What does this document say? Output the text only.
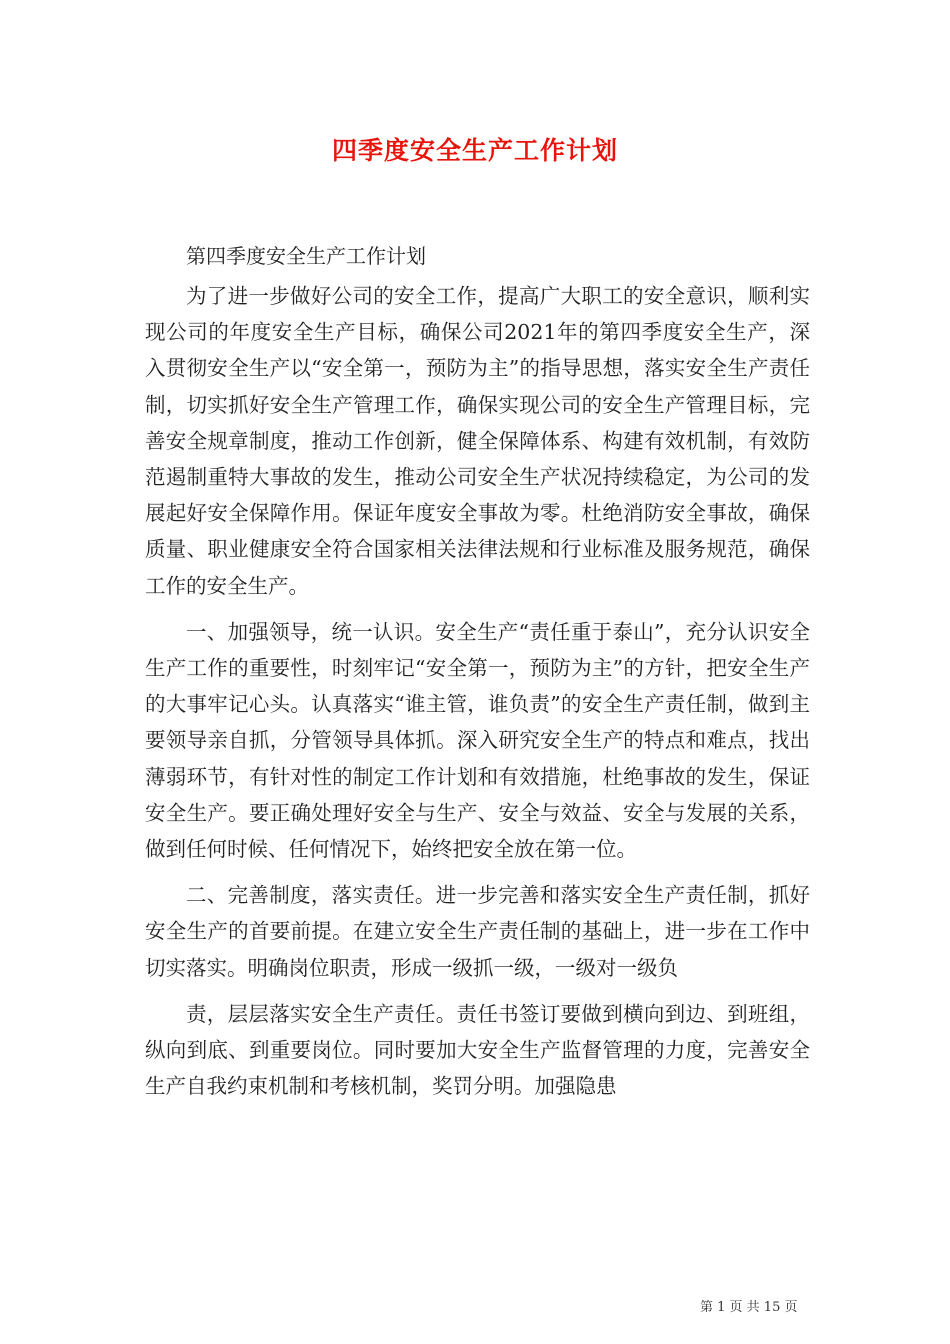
四季度安全生产工作计划
第四季度安全生产工作计划

为了进一步做好公司的安全工作，提高广大职工的安全意识，顺利实现公司的年度安全生产目标，确保公司2021年的第四季度安全生产，深入贯彻安全生产以“安全第一，预防为主”的指导思想，落实安全生产责任制，切实抓好安全生产管理工作，确保实现公司的安全生产管理目标，完善安全规章制度，推动工作创新，健全保障体系、构建有效机制，有效防范遏制重特大事故的发生，推动公司安全生产状况持续稳定，为公司的发展起好安全保障作用。保证年度安全事故为零。杜绝消防安全事故，确保质量、职业健康安全符合国家相关法律法规和行业标准及服务规范，确保工作的安全生产。

一、加强领导，统一认识。安全生产“责任重于泰山”，充分认识安全生产工作的重要性，时刻牢记“安全第一，预防为主”的方针，把安全生产的大事牢记心头。认真落实“谁主管，谁负责”的安全生产责任制，做到主要领导亲自抓，分管领导具体抓。深入研究安全生产的特点和难点，找出薄弱环节，有针对性的制定工作计划和有效措施，杜绝事故的发生，保证安全生产。要正确处理好安全与生产、安全与效益、安全与发展的关系，做到任何时候、任何情况下，始终把安全放在第一位。

二、完善制度，落实责任。进一步完善和落实安全生产责任制，抓好安全生产的首要前提。在建立安全生产责任制的基础上，进一步在工作中切实落实。明确岗位职责，形成一级抓一级，一级对一级负

责，层层落实安全生产责任。责任书签订要做到横向到边、到班组，纵向到底、到重要岗位。同时要加大安全生产监督管理的力度，完善安全生产自我约束机制和考核机制，奖罚分明。加强隐患

第 1 页 共 15 页
